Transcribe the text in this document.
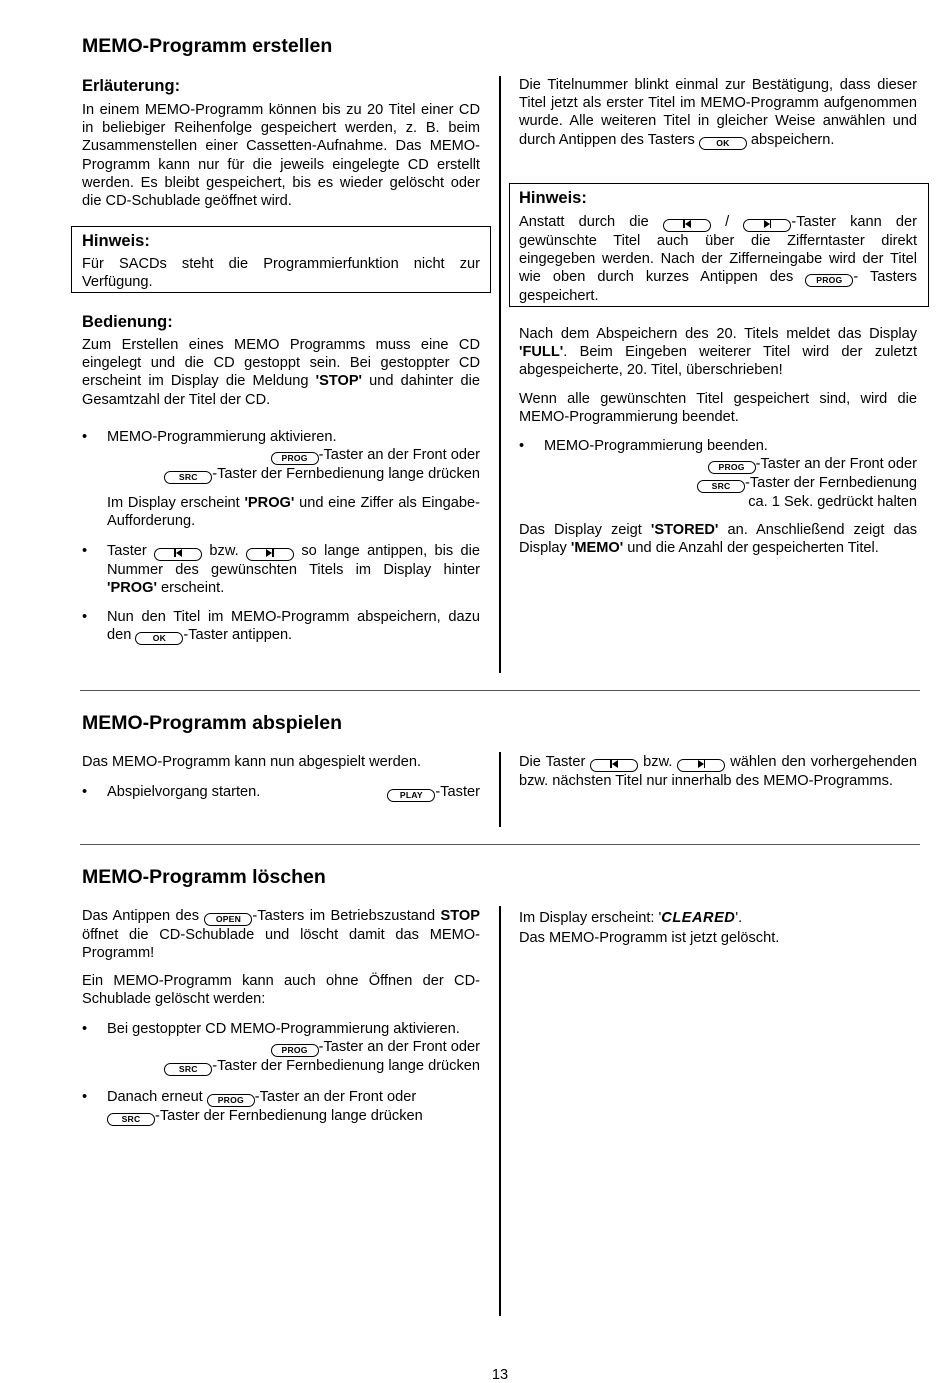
MEMO-Programm erstellen
Erläuterung:

In einem MEMO-Programm können bis zu 20 Titel einer CD in beliebiger Reihenfolge gespeichert werden, z. B. beim Zusammenstellen einer Cassetten-Aufnahme. Das MEMO-Programm kann nur für die jeweils eingelegte CD erstellt werden. Es bleibt gespeichert, bis es wieder gelöscht oder die CD-Schublade geöffnet wird.

Hinweis:

Für SACDs steht die Programmierfunktion nicht zur Verfügung.

Bedienung:

Zum Erstellen eines MEMO Programms muss eine CD eingelegt und die CD gestoppt sein. Bei gestoppter CD erscheint im Display die Meldung 'STOP' und dahinter die Gesamtzahl der Titel der CD.

• MEMO-Programmierung aktivieren.

PROG -Taster an der Front oder

SRC -Taster der Fernbedienung lange drücken

Im Display erscheint 'PROG' und eine Ziffer als Eingabe-Aufforderung.

• Taster	bzw.	so lange antippen, bis die Nummer des gewünschten Titels im Display hinter 'PROG' erscheint.

• Nun den Titel im MEMO-Programm abspeichern, dazu den OK -Taster antippen.

Die Titelnummer blinkt einmal zur Bestätigung, dass dieser Titel jetzt als erster Titel im MEMO-Programm aufgenommen wurde. Alle weiteren Titel in gleicher Weise anwählen und durch Antippen des Tasters OK abspeichern.

Hinweis:

Anstatt durch die	/	-Taster kann der gewünschte Titel auch über die Zifferntaster direkt eingegeben werden. Nach der Zifferneingabe wird der Titel wie oben durch kurzes Antippen des PROG - Tasters gespeichert.

Nach dem Abspeichern des 20. Titels meldet das Display 'FULL'. Beim Eingeben weiterer Titel wird der zuletzt abgespeicherte, 20. Titel, überschrieben!

Wenn alle gewünschten Titel gespeichert sind, wird die MEMO-Programmierung beendet.

• MEMO-Programmierung beenden.

PROG -Taster an der Front oder

SRC -Taster der Fernbedienung

ca. 1 Sek. gedrückt halten

Das Display zeigt 'STORED' an. Anschließend zeigt das Display 'MEMO' und die Anzahl der gespeicherten Titel.

MEMO-Programm abspielen

Das MEMO-Programm kann nun abgespielt werden.

• Abspielvorgang starten.	PLAY -Taster

Die Taster	bzw.	wählen den vorhergehenden bzw. nächsten Titel nur innerhalb des MEMO-Programms.

MEMO-Programm löschen

Das Antippen des OPEN -Tasters im Betriebszustand STOP öffnet die CD-Schublade und löscht damit das MEMO-Programm!

Ein MEMO-Programm kann auch ohne Öffnen der CD-Schublade gelöscht werden:

• Bei gestoppter CD MEMO-Programmierung aktivieren.

PROG -Taster an der Front oder

SRC -Taster der Fernbedienung lange drücken

• Danach erneut PROG -Taster an der Front oder

SRC -Taster der Fernbedienung lange drücken

Im Display erscheint: 'CLEARED'.

Das MEMO-Programm ist jetzt gelöscht.

13
